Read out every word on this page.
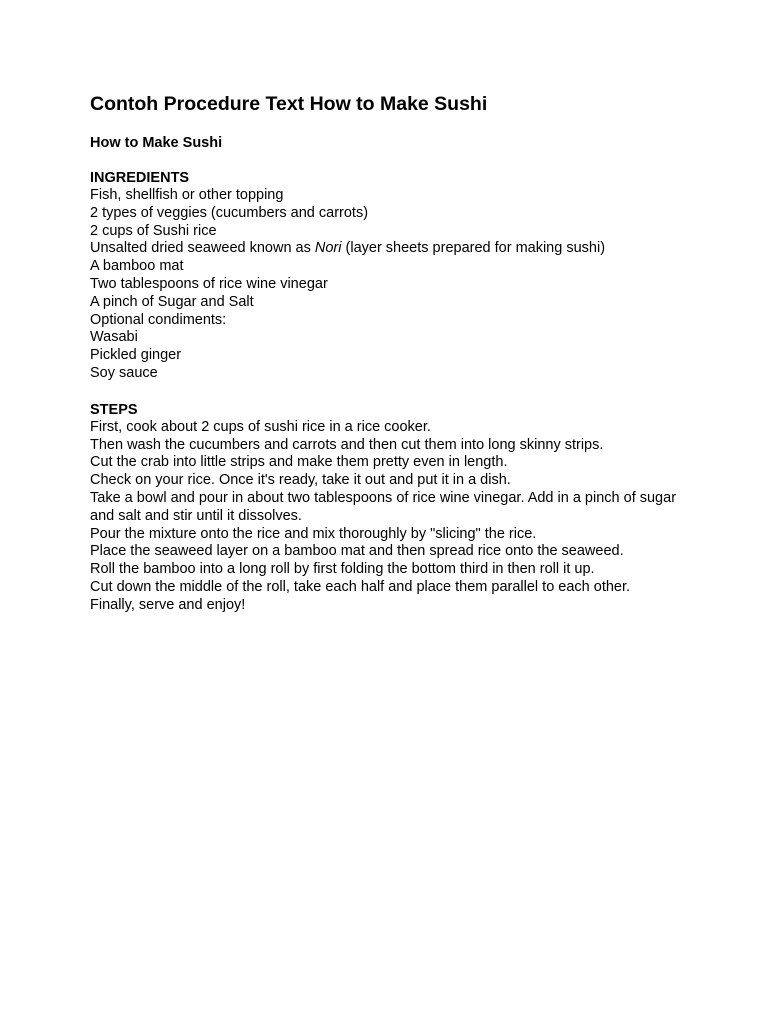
Contoh Procedure Text How to Make Sushi
How to Make Sushi
INGREDIENTS

Fish, shellfish or other topping

2 types of veggies (cucumbers and carrots)

2 cups of Sushi rice

Unsalted dried seaweed known as Nori (layer sheets prepared for making sushi)

A bamboo mat

Two tablespoons of rice wine vinegar

A pinch of Sugar and Salt

Optional condiments:

Wasabi

Pickled ginger

Soy sauce

STEPS

First, cook about 2 cups of sushi rice in a rice cooker.

Then wash the cucumbers and carrots and then cut them into long skinny strips.

Cut the crab into little strips and make them pretty even in length.

Check on your rice. Once it's ready, take it out and put it in a dish.

Take a bowl and pour in about two tablespoons of rice wine vinegar. Add in a pinch of sugar and salt and stir until it dissolves.

Pour the mixture onto the rice and mix thoroughly by "slicing" the rice.

Place the seaweed layer on a bamboo mat and then spread rice onto the seaweed.

Roll the bamboo into a long roll by first folding the bottom third in then roll it up.

Cut down the middle of the roll, take each half and place them parallel to each other.

Finally, serve and enjoy!
